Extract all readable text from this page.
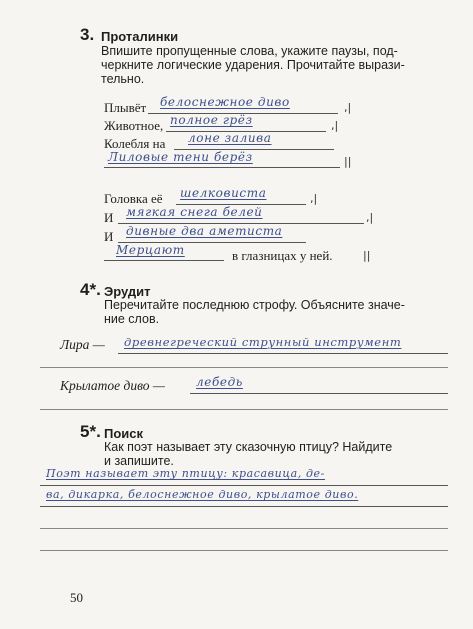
3. Проталинки
Впишите пропущенные слова, укажите паузы, под-
черкните логические ударения. Прочитайте вырази-
тельно.
Плывёт белоснежное диво	,|
Животное, полное грёз	,|
Колебля на лоне залива
Лиловые тени берёз	||
Головка её шелковиста	,|
И мягкая снега белей	,|
И дивные два аметиста
Мерцают	в глазницах у ней.	||
4*. Эрудит
Перечитайте последнюю строфу. Объясните значе-
ние слов.
Лира — древнегреческий струнный инструмент
Крылатое диво —	лебедь
5*. Поиск
Как поэт называет эту сказочную птицу? Найдите
и запишите.
Поэт называет эту птицу: красавица, де-
ва, дикарка, белоснежное диво, крылатое диво.
50
